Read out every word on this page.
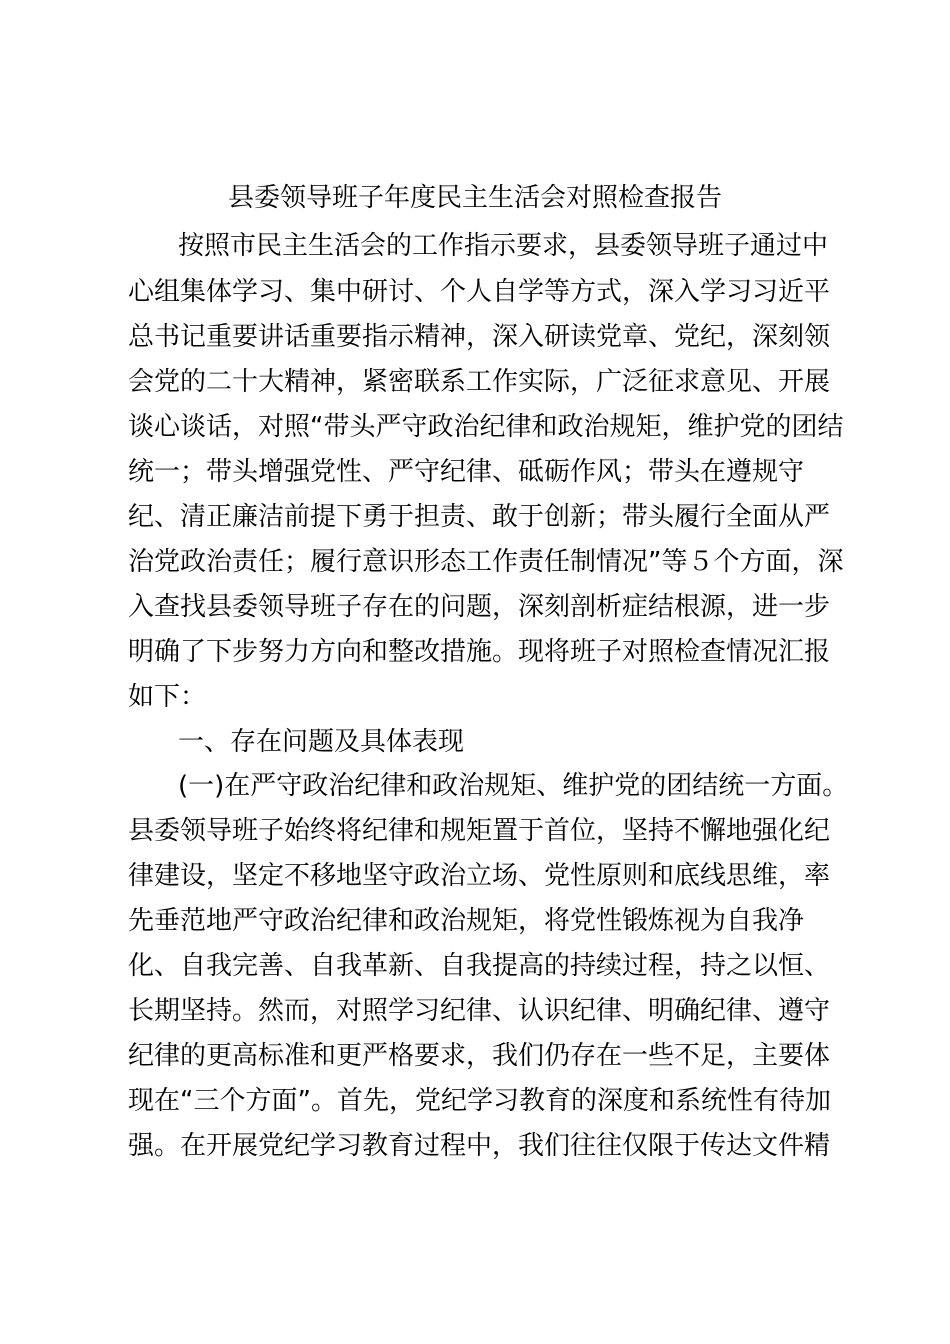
县委领导班子年度民主生活会对照检查报告
按照市民主生活会的工作指示要求，县委领导班子通过中
心组集体学习、集中研讨、个人自学等方式，深入学习习近平
总书记重要讲话重要指示精神，深入研读党章、党纪，深刻领
会党的二十大精神，紧密联系工作实际，广泛征求意见、开展
谈心谈话，对照“带头严守政治纪律和政治规矩，维护党的团结
统一；带头增强党性、严守纪律、砥砺作风；带头在遵规守
纪、清正廉洁前提下勇于担责、敢于创新；带头履行全面从严
治党政治责任；履行意识形态工作责任制情况”等５个方面，深
入查找县委领导班子存在的问题，深刻剖析症结根源，进一步
明确了下步努力方向和整改措施。现将班子对照检查情况汇报
如下：
一、存在问题及具体表现
(一)在严守政治纪律和政治规矩、维护党的团结统一方面。
县委领导班子始终将纪律和规矩置于首位，坚持不懈地强化纪
律建设，坚定不移地坚守政治立场、党性原则和底线思维，率
先垂范地严守政治纪律和政治规矩，将党性锻炼视为自我净
化、自我完善、自我革新、自我提高的持续过程，持之以恒、
长期坚持。然而，对照学习纪律、认识纪律、明确纪律、遵守
纪律的更高标准和更严格要求，我们仍存在一些不足，主要体
现在“三个方面”。首先，党纪学习教育的深度和系统性有待加
强。在开展党纪学习教育过程中，我们往往仅限于传达文件精
